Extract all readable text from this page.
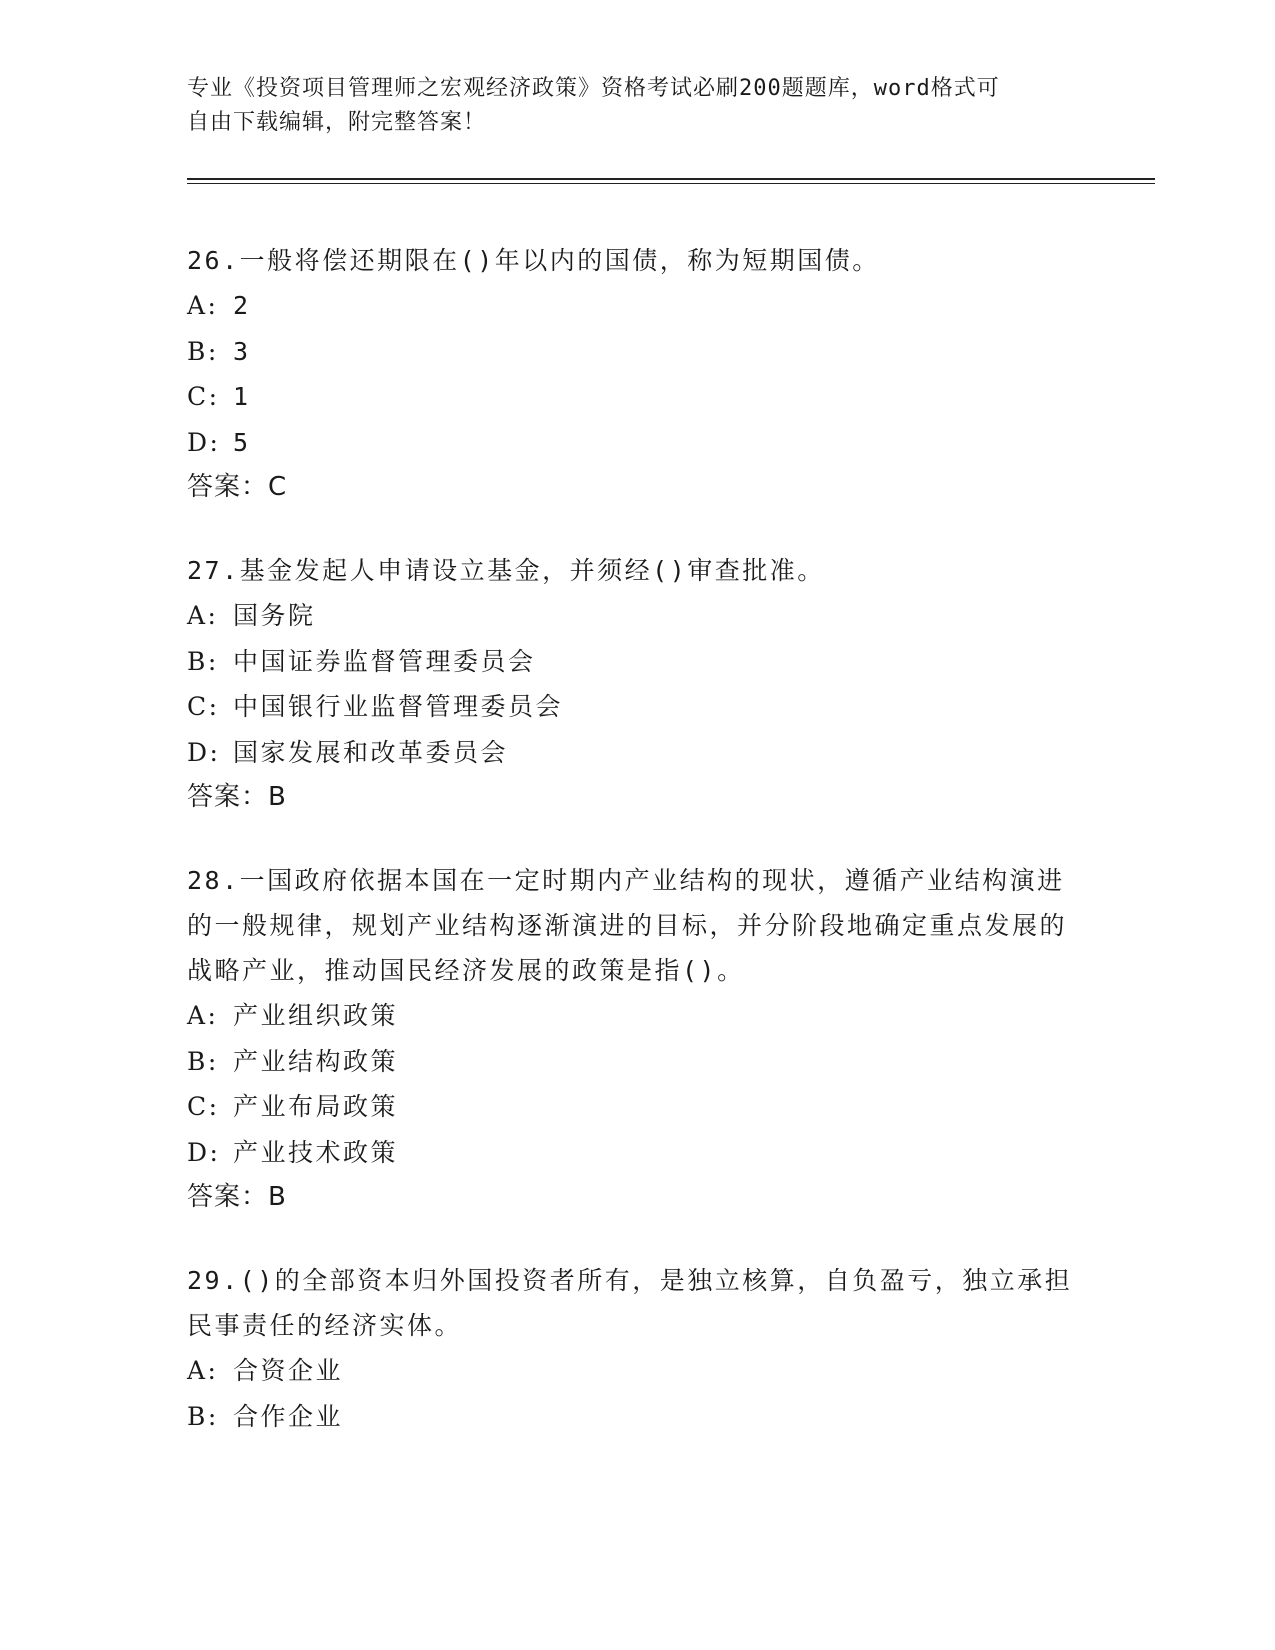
专业《投资项目管理师之宏观经济政策》资格考试必刷200题题库，word格式可
自由下载编辑，附完整答案！
26.一般将偿还期限在()年以内的国债，称为短期国债。
A: 2
B: 3
C: 1
D: 5
答案：C
27.基金发起人申请设立基金，并须经()审查批准。
A: 国务院
B: 中国证券监督管理委员会
C: 中国银行业监督管理委员会
D: 国家发展和改革委员会
答案：B
28.一国政府依据本国在一定时期内产业结构的现状，遵循产业结构演进的一般规律，规划产业结构逐渐演进的目标，并分阶段地确定重点发展的战略产业，推动国民经济发展的政策是指()。
A: 产业组织政策
B: 产业结构政策
C: 产业布局政策
D: 产业技术政策
答案：B
29.()的全部资本归外国投资者所有，是独立核算，自负盈亏，独立承担民事责任的经济实体。
A: 合资企业
B: 合作企业
